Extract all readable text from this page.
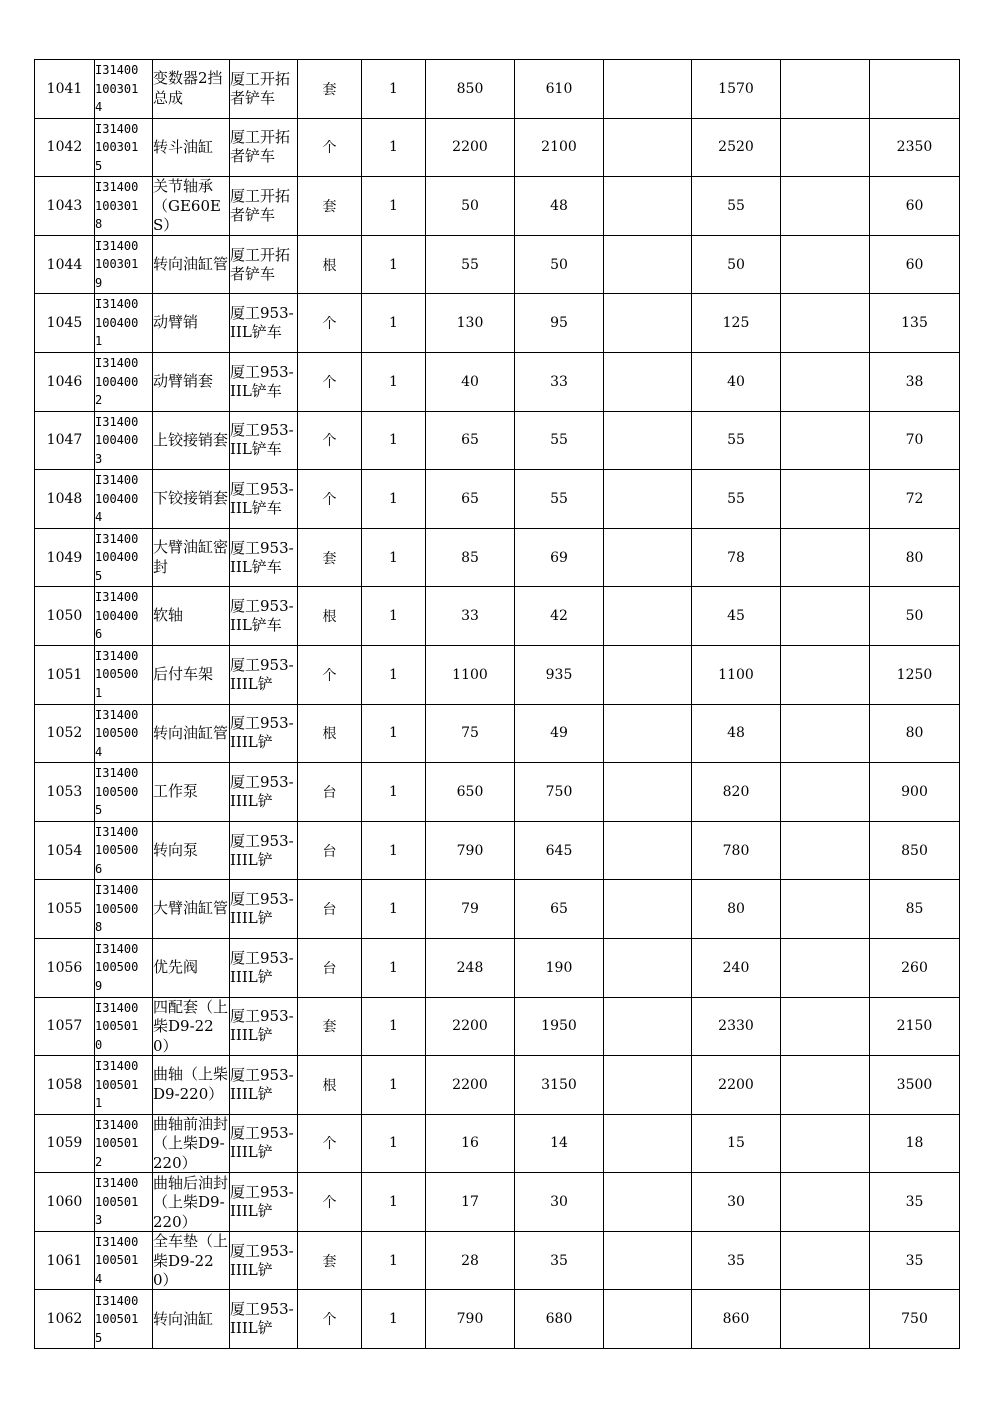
1041	I31400 100301 4	变数器2挡总成	厦工开拓者铲车	套	1	850	610		1570		

1042	I31400 100301 5	转斗油缸	厦工开拓者铲车	个	1	2200	2100		2520		2350

1043	I31400 100301 8	关节轴承（GE60ES）	厦工开拓者铲车	套	1	50	48		55		60

1044	I31400 100301 9	转向油缸管	厦工开拓者铲车	根	1	55	50		50		60

1045	I31400 100400 1	动臂销	厦工953-IIL铲车	个	1	130	95		125		135

1046	I31400 100400 2	动臂销套	厦工953-IIL铲车	个	1	40	33		40		38

1047	I31400 100400 3	上铰接销套	厦工953-IIL铲车	个	1	65	55		55		70

1048	I31400 100400 4	下铰接销套	厦工953-IIL铲车	个	1	65	55		55		72

1049	I31400 100400 5	大臂油缸密封	厦工953-IIL铲车	套	1	85	69		78		80

1050	I31400 100400 6	软轴	厦工953-IIL铲车	根	1	33	42		45		50

1051	I31400 100500 1	后付车架	厦工953-IIIL铲	个	1	1100	935		1100		1250

1052	I31400 100500 4	转向油缸管	厦工953-IIIL铲	根	1	75	49		48		80

1053	I31400 100500 5	工作泵	厦工953-IIIL铲	台	1	650	750		820		900

1054	I31400 100500 6	转向泵	厦工953-IIIL铲	台	1	790	645		780		850

1055	I31400 100500 8	大臂油缸管	厦工953-IIIL铲	台	1	79	65		80		85

1056	I31400 100500 9	优先阀	厦工953-IIIL铲	台	1	248	190		240		260

1057	I31400 100501 0	四配套（上柴D9-220）	厦工953-IIIL铲	套	1	2200	1950		2330		2150

1058	I31400 100501 1	曲轴（上柴D9-220）	厦工953-IIIL铲	根	1	2200	3150		2200		3500

1059	I31400 100501 2	曲轴前油封（上柴D9-220）	厦工953-IIIL铲	个	1	16	14		15		18

1060	I31400 100501 3	曲轴后油封（上柴D9-220）	厦工953-IIIL铲	个	1	17	30		30		35

1061	I31400 100501 4	全车垫（上柴D9-220）	厦工953-IIIL铲	套	1	28	35		35		35

1062	I31400 100501 5	转向油缸	厦工953-IIIL铲	个	1	790	680		860		750
